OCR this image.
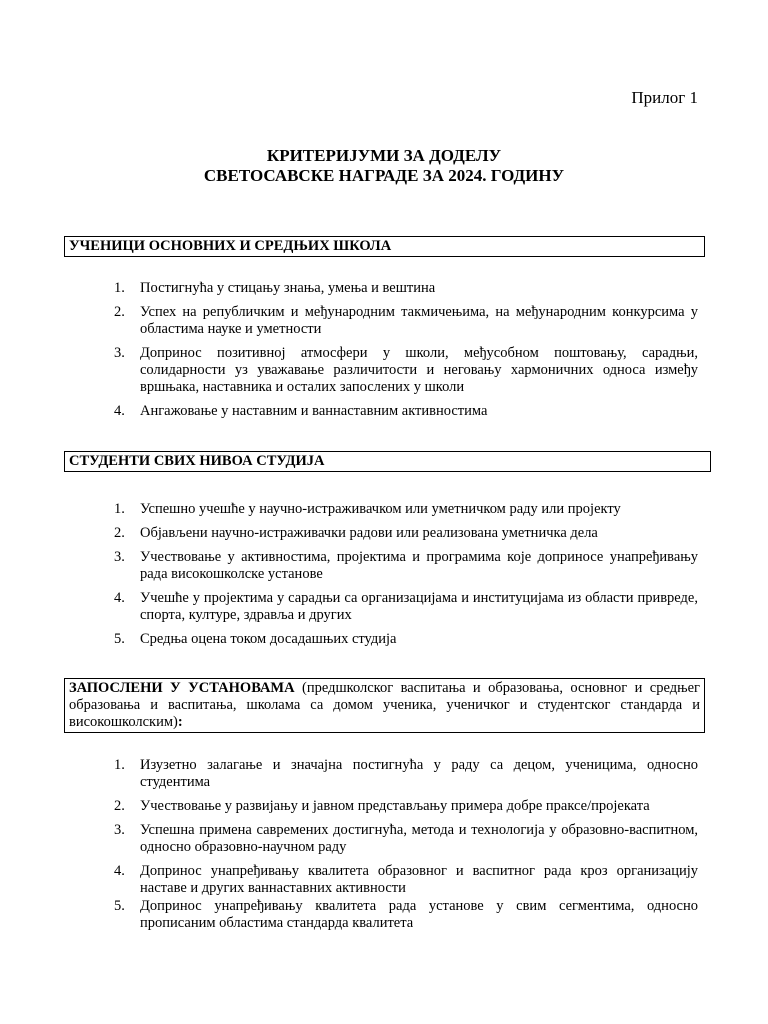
Прилог 1

КРИТЕРИЈУМИ ЗА ДОДЕЛУ
СВЕТОСАВСКЕ НАГРАДЕ ЗА 2024. ГОДИНУ
УЧЕНИЦИ ОСНОВНИХ И СРЕДЊИХ ШКОЛА
1. Постигнућа у стицању знања, умења и вештина
2. Успех на републичким и међународним такмичењима, на међународним конкурсима у областима науке и уметности
3. Допринос позитивној атмосфери у школи, међусобном поштовању, сарадњи, солидарности уз уважавање различитости и неговању хармоничних односа између вршњака, наставника и осталих запослених у школи
4. Ангажовање у наставним и ваннаставним активностима
СТУДЕНТИ СВИХ НИВОА СТУДИЈА
1. Успешно учешће у научно-истраживачком или уметничком раду или пројекту
2. Објављени научно-истраживачки радови или реализована уметничка дела
3. Учествовање у активностима, пројектима и програмима које доприносе унапређивању рада високошколске установе
4. Учешће у пројектима у сарадњи са организацијама и институцијама из области привреде, спорта, културе, здравља и других
5. Средња оцена током досадашњих студија
ЗАПОСЛЕНИ У УСТАНОВАМА (предшколског васпитања и образовања, основног и средњег образовања и васпитања, школама са домом ученика, ученичког и студентског стандарда и високошколским):
1. Изузетно залагање и значајна постигнућа у раду са децом, ученицима, односно студентима
2. Учествовање у развијању и јавном представљању примера добре праксе/пројеката
3. Успешна примена савремених достигнућа, метода и технологија у образовно-васпитном, односно образовно-научном раду
4. Допринос унапређивању квалитета образовног и васпитног рада кроз организацију наставе и других ваннаставних активности
5. Допринос унапређивању квалитета рада установе у свим сегментима, односно прописаним областима стандарда квалитета
